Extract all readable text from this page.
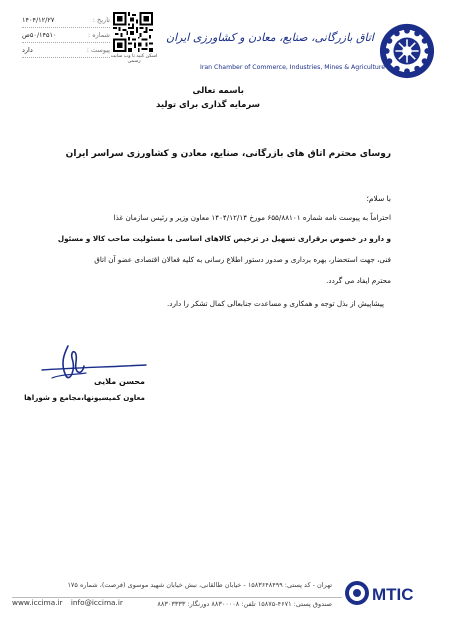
تاریخ :
۱۴۰۴/۱۲/۲۷
شماره :
۵۰/۱۴۵۱۰ص
پیوست :
دارد
اسکن کنید تا وب سایت رسمی
اتاق بازرگانی، صنایع، معادن و کشاورزی ایران
Iran Chamber of Commerce, Industries, Mines & Agriculture
باسمه تعالی
سرمایه گذاری برای تولید
روسای محترم اتاق های بازرگانی، صنایع، معادن و کشاورزی سراسر ایران
با سلام؛
احتراماً به پیوست نامه شماره ۶۵۵/۸۸۱۰۱ مورخ ۱۴۰۴/۱۲/۱۴ معاون وزیر و رئیس سازمان غذا
و دارو در خصوص برقراری تسهیل در ترخیص کالاهای اساسی با مسئولیت صاحب کالا و مسئول
فنی، جهت استحضار، بهره برداری و صدور دستور اطلاع رسانی به کلیه فعالان اقتصادی عضو آن اتاق
محترم ایفاد می گردد.
پیشاپیش از بذل توجه و همکاری و مساعدت جنابعالی کمال تشکر را دارد.
محسن ملایی
معاون کمیسیونها،مجامع و شوراها
تهران - کد پستی: ۱۵۸۳۶۴۸۴۹۹ - خیابان طالقانی، نبش خیابان شهید موسوی (فرصت)، شماره ۱۷۵
صندوق پستی: ۴۶۷۱-۱۵۸۷۵ تلفن: ۸۸۳۰۰۰۰۸ دورنگار: ۸۸۳۰۳۳۳۳
www.iccima.ir info@iccima.ir	MTIC
